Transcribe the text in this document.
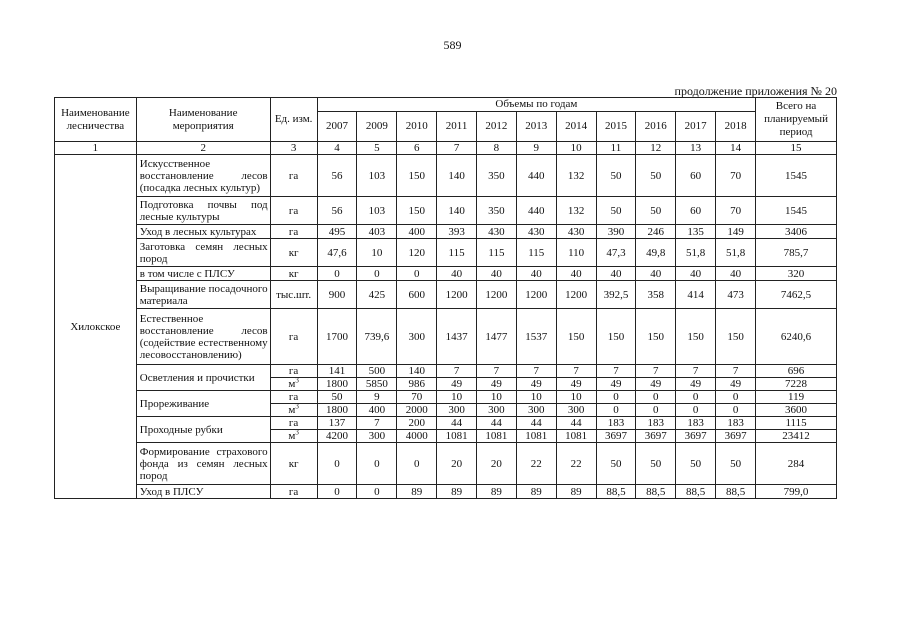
589
продолжение приложения № 20
Наименование лесничества	Наименование мероприятия	Ед. изм.	Объемы по годам											Всего на планируемый период
			2007	2009	2010	2011	2012	2013	2014	2015	2016	2017	2018	
1	2	3	4	5	6	7	8	9	10	11	12	13	14	15
Хилокское	Искусственное восстановление лесов (посадка лесных культур)	га	56	103	150	140	350	440	132	50	50	60	70	1545
	Подготовка почвы под лесные культуры	га	56	103	150	140	350	440	132	50	50	60	70	1545
	Уход в лесных культурах	га	495	403	400	393	430	430	430	390	246	135	149	3406
	Заготовка семян лесных пород	кг	47,6	10	120	115	115	115	110	47,3	49,8	51,8	51,8	785,7
	в том числе с ПЛСУ	кг	0	0	0	40	40	40	40	40	40	40	40	320
	Выращивание посадочного материала	тыс.шт.	900	425	600	1200	1200	1200	1200	392,5	358	414	473	7462,5
	Естественное восстановление лесов (содействие естественному лесовосстановлению)	га	1700	739,6	300	1437	1477	1537	150	150	150	150	150	6240,6
	Осветления и прочистки	га	141	500	140	7	7	7	7	7	7	7	7	696
		$м^3$	1800	5850	986	49	49	49	49	49	49	49	49	7228
	Прореживание	га	50	9	70	10	10	10	10	0	0	0	0	119
		$м^3$	1800	400	2000	300	300	300	300	0	0	0	0	3600
	Проходные рубки	га	137	7	200	44	44	44	44	183	183	183	183	1115
		$м^3$	4200	300	4000	1081	1081	1081	1081	3697	3697	3697	3697	23412
	Формирование страхового фонда из семян лесных пород	кг	0	0	0	20	20	22	22	50	50	50	50	284
	Уход в ПЛСУ	га	0	0	89	89	89	89	89	88,5	88,5	88,5	88,5	799,0
